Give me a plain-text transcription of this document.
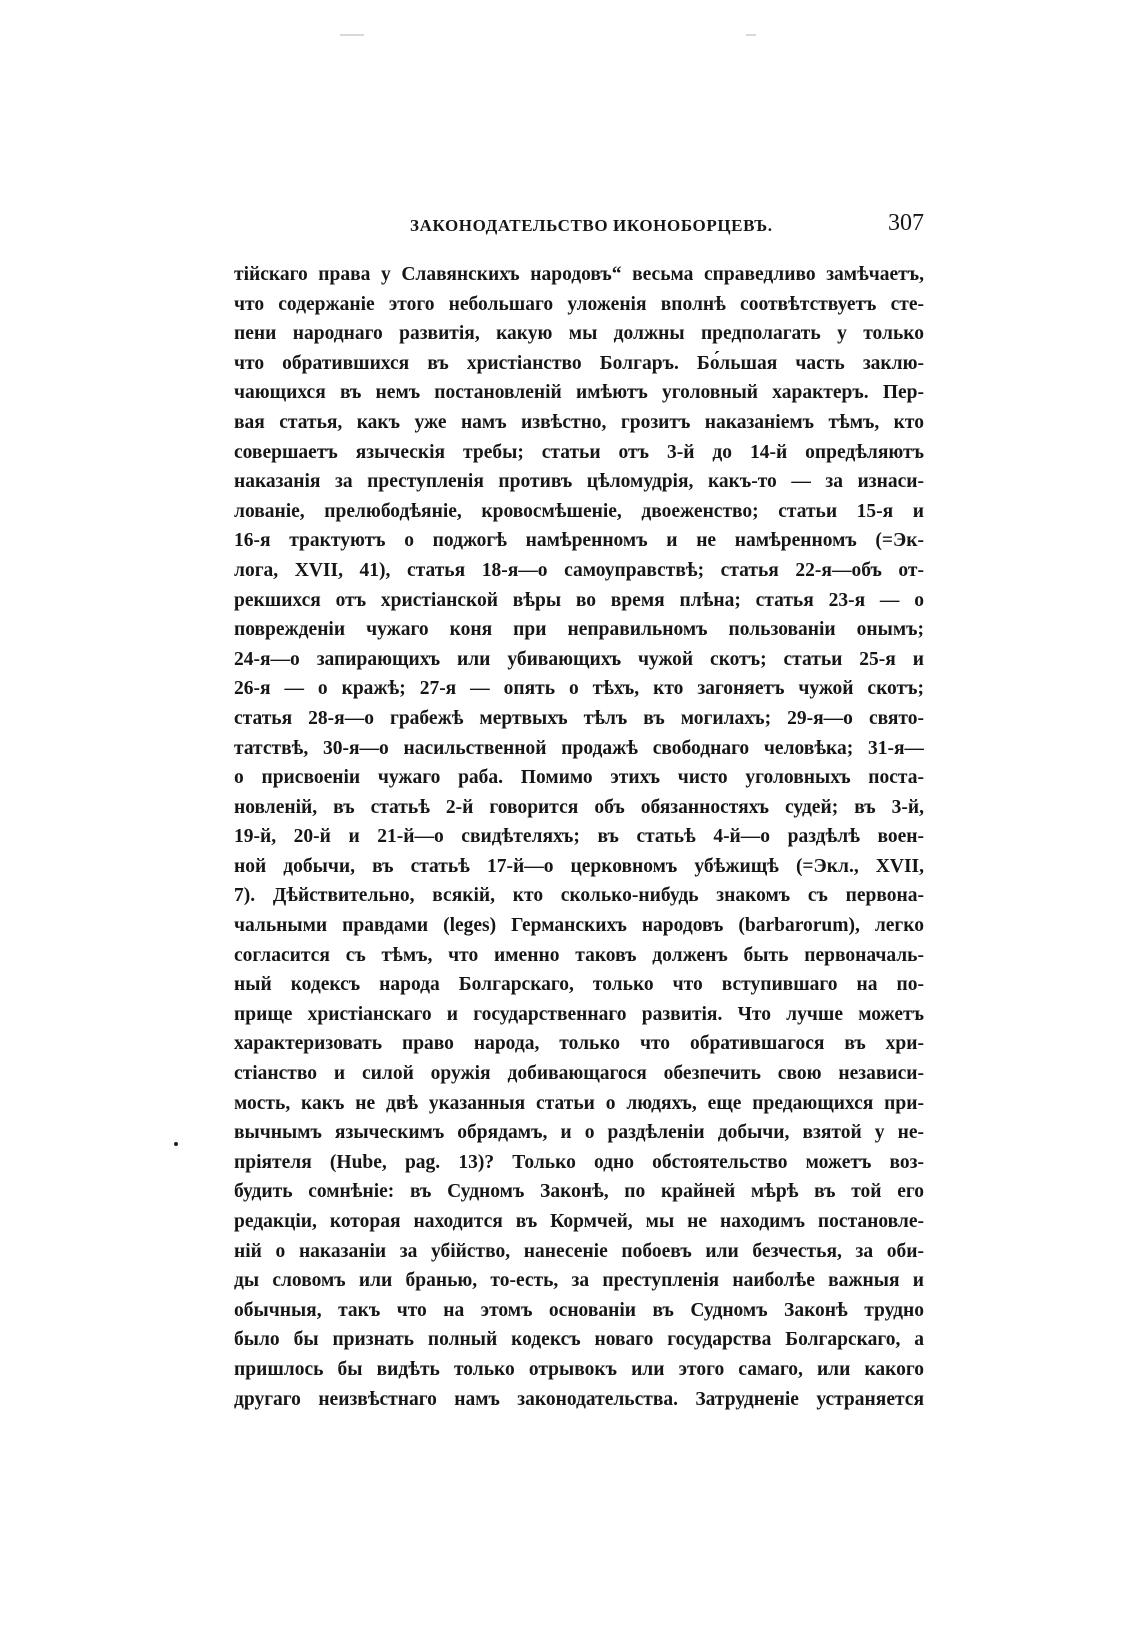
ЗАКОНОДАТЕЛЬСТВО ИКОНОБОРЦЕВЪ.	307
тійскаго права у Славянскихъ народовъ“ весьма справедливо замѣчаетъ,
что содержаніе этого небольшаго уложенія вполнѣ соотвѣтствуетъ сте-
пени народнаго развитія, какую мы должны предполагать у только
что обратившихся въ христіанство Болгаръ. Бо́льшая часть заклю-
чающихся въ немъ постановленій имѣютъ уголовный характеръ. Пер-
вая статья, какъ уже намъ извѣстно, грозитъ наказаніемъ тѣмъ, кто
совершаетъ языческія требы; статьи отъ 3-й до 14-й опредѣляютъ
наказанія за преступленія противъ цѣломудрія, какъ-то — за изнаси-
лованіе, прелюбодѣяніе, кровосмѣшеніе, двоеженство; статьи 15-я и
16-я трактуютъ о поджогѣ намѣренномъ и не намѣренномъ (=Эк-
лога, XVII, 41), статья 18-я—о самоуправствѣ; статья 22-я—объ от-
рекшихся отъ христіанской вѣры во время плѣна; статья 23-я — о
поврежденіи чужаго коня при неправильномъ пользованіи онымъ;
24-я—о запирающихъ или убивающихъ чужой скотъ; статьи 25-я и
26-я — о кражѣ; 27-я — опять о тѣхъ, кто загоняетъ чужой скотъ;
статья 28-я—о грабежѣ мертвыхъ тѣлъ въ могилахъ; 29-я—о свято-
татствѣ, 30-я—о насильственной продажѣ свободнаго человѣка; 31-я—
о присвоеніи чужаго раба. Помимо этихъ чисто уголовныхъ поста-
новленій, въ статьѣ 2-й говорится объ обязанностяхъ судей; въ 3-й,
19-й, 20-й и 21-й—о свидѣтеляхъ; въ статьѣ 4-й—о раздѣлѣ воен-
ной добычи, въ статьѣ 17-й—о церковномъ убѣжищѣ (=Экл., XVII,
7). Дѣйствительно, всякій, кто сколько-нибудь знакомъ съ первона-
чальными правдами (leges) Германскихъ народовъ (barbarorum), легко
согласится съ тѣмъ, что именно таковъ долженъ быть первоначаль-
ный кодексъ народа Болгарскаго, только что вступившаго на по-
прище христіанскаго и государственнаго развитія. Что лучше можетъ
характеризовать право народа, только что обратившагося въ хри-
стіанство и силой оружія добивающагося обезпечить свою независи-
мость, какъ не двѣ указанныя статьи о людяхъ, еще предающихся при-
вычнымъ языческимъ обрядамъ, и о раздѣленіи добычи, взятой у не-
пріятеля (Hube, pag. 13)? Только одно обстоятельство можетъ воз-
будить сомнѣніе: въ Судномъ Законѣ, по крайней мѣрѣ въ той его
редакціи, которая находится въ Кормчей, мы не находимъ постановле-
ній о наказаніи за убійство, нанесеніе побоевъ или безчестья, за оби-
ды словомъ или бранью, то-есть, за преступленія наиболѣе важныя и
обычныя, такъ что на этомъ основаніи въ Судномъ Законѣ трудно
было бы признать полный кодексъ новаго государства Болгарскаго, а
пришлось бы видѣть только отрывокъ или этого самаго, или какого
другаго неизвѣстнаго намъ законодательства. Затрудненіе устраняется
